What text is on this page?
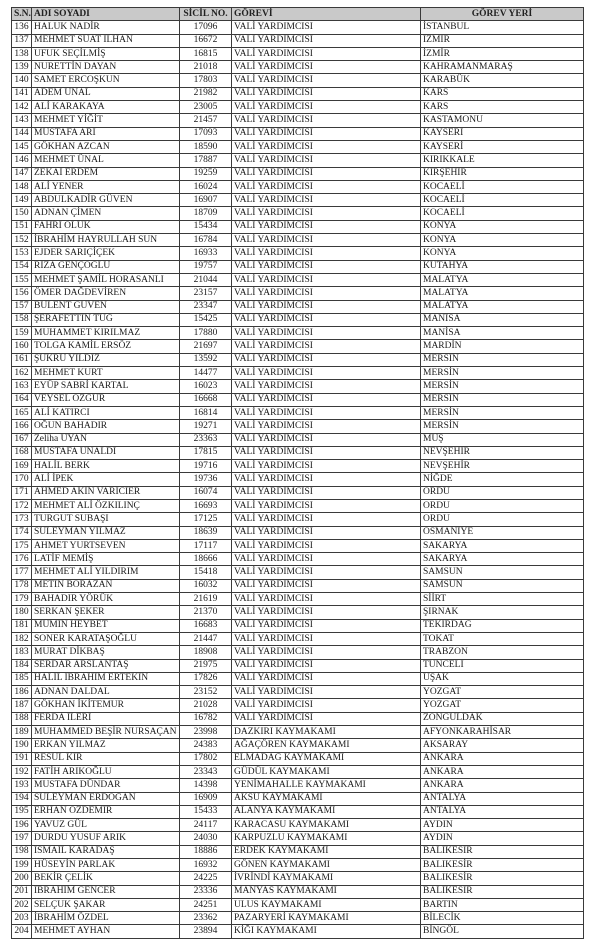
S.N.	ADI SOYADI	SİCİL NO.	GÖREVİ	GÖREV YERİ
136	HALUK NADİR	17096	VALİ YARDIMCISI	İSTANBUL
137	MEHMET SUAT İLHAN	16672	VALİ YARDIMCISI	İZMİR
138	UFUK SEÇİLMİŞ	16815	VALİ YARDIMCISI	İZMİR
139	NURETTİN DAYAN	21018	VALİ YARDIMCISI	KAHRAMANMARAŞ
140	SAMET ERCOŞKUN	17803	VALİ YARDIMCISI	KARABÜK
141	ADEM ÜNAL	21982	VALİ YARDIMCISI	KARS
142	ALİ KARAKAYA	23005	VALİ YARDIMCISI	KARS
143	MEHMET YİĞİT	21457	VALİ YARDIMCISI	KASTAMONU
144	MUSTAFA ARI	17093	VALİ YARDIMCISI	KAYSERİ
145	GÖKHAN AZCAN	18590	VALİ YARDIMCISI	KAYSERİ
146	MEHMET ÜNAL	17887	VALİ YARDIMCISI	KIRIKKALE
147	ZEKAİ ERDEM	19259	VALİ YARDIMCISI	KIRŞEHİR
148	ALİ YENER	16024	VALİ YARDIMCISI	KOCAELİ
149	ABDULKADİR GÜVEN	16907	VALİ YARDIMCISI	KOCAELİ
150	ADNAN ÇİMEN	18709	VALİ YARDIMCISI	KOCAELİ
151	FAHRİ OLUK	15434	VALİ YARDIMCISI	KONYA
152	İBRAHİM HAYRULLAH SUN	16784	VALİ YARDIMCISI	KONYA
153	EJDER SARIÇİÇEK	16933	VALİ YARDIMCISI	KONYA
154	RIZA GENÇOĞLU	19757	VALİ YARDIMCISI	KÜTAHYA
155	MEHMET ŞAMİL HORASANLI	21044	VALİ YARDIMCISI	MALATYA
156	ÖMER DAĞDEVİREN	23157	VALİ YARDIMCISI	MALATYA
157	BÜLENT GÜVEN	23347	VALİ YARDIMCISI	MALATYA
158	ŞERAFETTİN TUĞ	15425	VALİ YARDIMCISI	MANİSA
159	MUHAMMET KIRILMAZ	17880	VALİ YARDIMCISI	MANİSA
160	TOLGA KAMİL ERSÖZ	21697	VALİ YARDIMCISI	MARDİN
161	ŞÜKRÜ YILDIZ	13592	VALİ YARDIMCISI	MERSİN
162	MEHMET KURT	14477	VALİ YARDIMCISI	MERSİN
163	EYÜP SABRİ KARTAL	16023	VALİ YARDIMCISI	MERSİN
164	VEYSEL ÖZGÜR	16668	VALİ YARDIMCISI	MERSİN
165	ALİ KATIRCI	16814	VALİ YARDIMCISI	MERSİN
166	OĞUN BAHADIR	19271	VALİ YARDIMCISI	MERSİN
167	Zeliha UYAN	23363	VALİ YARDIMCISI	MUŞ
168	MUSTAFA ÜNALDI	17815	VALİ YARDIMCISI	NEVŞEHİR
169	HALİL BERK	19716	VALİ YARDIMCISI	NEVŞEHİR
170	ALİ İPEK	19736	VALİ YARDIMCISI	NİĞDE
171	AHMED AKIN VARICIER	16074	VALİ YARDIMCISI	ORDU
172	MEHMET ALİ ÖZKILINÇ	16693	VALİ YARDIMCISI	ORDU
173	TURGUT SUBAŞI	17125	VALİ YARDIMCISI	ORDU
174	SÜLEYMAN YILMAZ	18639	VALİ YARDIMCISI	OSMANİYE
175	AHMET YURTSEVEN	17117	VALİ YARDIMCISI	SAKARYA
176	LATİF MEMİŞ	18666	VALİ YARDIMCISI	SAKARYA
177	MEHMET ALİ YILDIRIM	15418	VALİ YARDIMCISI	SAMSUN
178	METİN BORAZAN	16032	VALİ YARDIMCISI	SAMSUN
179	BAHADIR YÖRÜK	21619	VALİ YARDIMCISI	SİİRT
180	SERKAN ŞEKER	21370	VALİ YARDIMCISI	ŞIRNAK
181	MÜMİN HEYBET	16683	VALİ YARDIMCISI	TEKİRDAĞ
182	SONER KARATAŞOĞLU	21447	VALİ YARDIMCISI	TOKAT
183	MURAT DİKBAŞ	18908	VALİ YARDIMCISI	TRABZON
184	SERDAR ARSLANTAŞ	21975	VALİ YARDIMCISI	TUNCELİ
185	HALİL İBRAHİM ERTEKİN	17826	VALİ YARDIMCISI	UŞAK
186	ADNAN DALDAL	23152	VALİ YARDIMCISI	YOZGAT
187	GÖKHAN İKİTEMUR	21028	VALİ YARDIMCISI	YOZGAT
188	FERDA İLERİ	16782	VALİ YARDIMCISI	ZONGULDAK
189	MUHAMMED BEŞİR NURSAÇAN	23998	DAZKIRI KAYMAKAMI	AFYONKARAHİSAR
190	ERKAN YILMAZ	24383	AĞAÇÖREN KAYMAKAMI	AKSARAY
191	RESUL KIR	17802	ELMADAĞ KAYMAKAMI	ANKARA
192	FATİH ARIKOĞLU	23343	GÜDÜL KAYMAKAMI	ANKARA
193	MUSTAFA DÜNDAR	14398	YENİMAHALLE KAYMAKAMI	ANKARA
194	SÜLEYMAN ERDOĞAN	16909	AKSU KAYMAKAMI	ANTALYA
195	ERHAN ÖZDEMİR	15433	ALANYA KAYMAKAMI	ANTALYA
196	YAVUZ GÜL	24117	KARACASU KAYMAKAMI	AYDIN
197	DURDU YUSUF ARIK	24030	KARPUZLU KAYMAKAMI	AYDIN
198	İSMAİL KARADAŞ	18886	ERDEK KAYMAKAMI	BALIKESİR
199	HÜSEYİN PARLAK	16932	GÖNEN KAYMAKAMI	BALIKESİR
200	BEKİR ÇELİK	24225	İVRİNDİ KAYMAKAMI	BALIKESİR
201	İBRAHİM GENCER	23336	MANYAS KAYMAKAMI	BALIKESİR
202	SELÇUK ŞAKAR	24251	ULUS KAYMAKAMI	BARTIN
203	İBRAHİM ÖZDEL	23362	PAZARYERİ KAYMAKAMI	BİLECİK
204	MEHMET AYHAN	23894	KİĞI KAYMAKAMI	BİNGÖL
